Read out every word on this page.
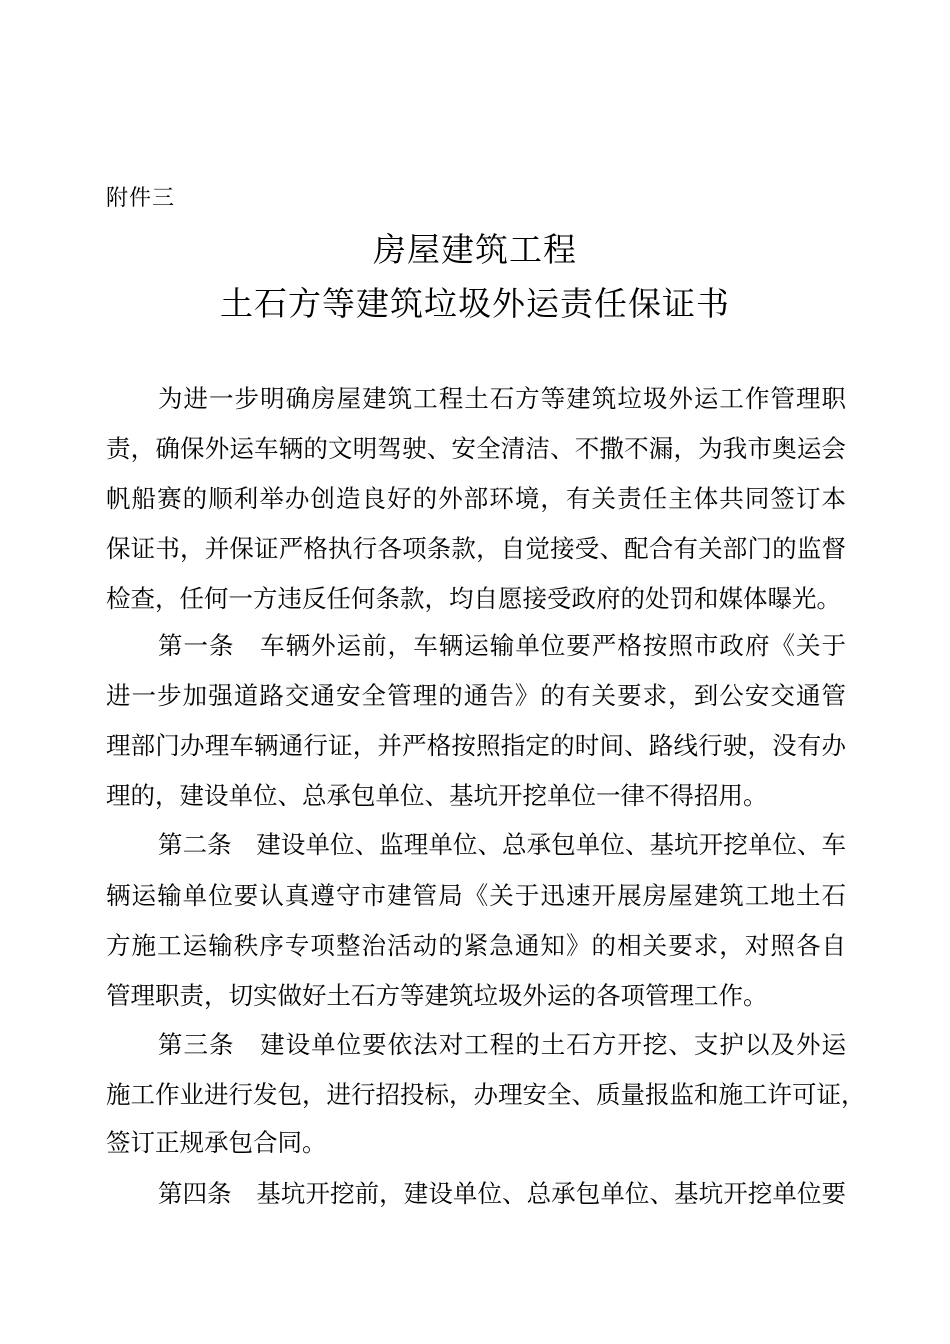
附件三
房屋建筑工程
土石方等建筑垃圾外运责任保证书
为进一步明确房屋建筑工程土石方等建筑垃圾外运工作管理职
责，确保外运车辆的文明驾驶、安全清洁、不撒不漏，为我市奥运会
帆船赛的顺利举办创造良好的外部环境，有关责任主体共同签订本
保证书，并保证严格执行各项条款，自觉接受、配合有关部门的监督
检查，任何一方违反任何条款，均自愿接受政府的处罚和媒体曝光。
第一条　车辆外运前，车辆运输单位要严格按照市政府《关于
进一步加强道路交通安全管理的通告》的有关要求，到公安交通管
理部门办理车辆通行证，并严格按照指定的时间、路线行驶，没有办
理的，建设单位、总承包单位、基坑开挖单位一律不得招用。
第二条　建设单位、监理单位、总承包单位、基坑开挖单位、车
辆运输单位要认真遵守市建管局《关于迅速开展房屋建筑工地土石
方施工运输秩序专项整治活动的紧急通知》的相关要求，对照各自
管理职责，切实做好土石方等建筑垃圾外运的各项管理工作。
第三条　建设单位要依法对工程的土石方开挖、支护以及外运
施工作业进行发包，进行招投标，办理安全、质量报监和施工许可证，
签订正规承包合同。
第四条　基坑开挖前，建设单位、总承包单位、基坑开挖单位要
